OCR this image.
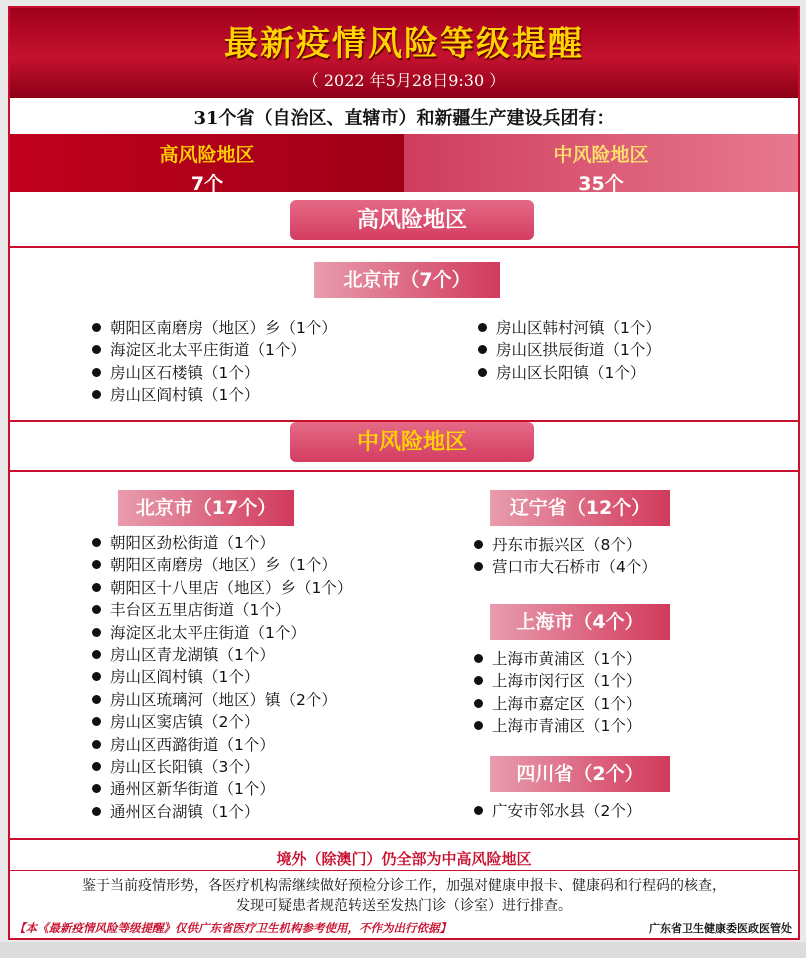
最新疫情风险等级提醒
（ 2022 年5月28日9:30 ）
31个省（自治区、直辖市）和新疆生产建设兵团有：
高风险地区
7个
中风险地区
35个
高风险地区
北京市（7个）
朝阳区南磨房（地区）乡（1个）
海淀区北太平庄街道（1个）
房山区石楼镇（1个）
房山区阎村镇（1个）
房山区韩村河镇（1个）
房山区拱辰街道（1个）
房山区长阳镇（1个）
中风险地区
北京市（17个）
朝阳区劲松街道（1个）
朝阳区南磨房（地区）乡（1个）
朝阳区十八里店（地区）乡（1个）
丰台区五里店街道（1个）
海淀区北太平庄街道（1个）
房山区青龙湖镇（1个）
房山区阎村镇（1个）
房山区琉璃河（地区）镇（2个）
房山区窦店镇（2个）
房山区西潞街道（1个）
房山区长阳镇（3个）
通州区新华街道（1个）
通州区台湖镇（1个）
辽宁省（12个）
丹东市振兴区（8个）
营口市大石桥市（4个）
上海市（4个）
上海市黄浦区（1个）
上海市闵行区（1个）
上海市嘉定区（1个）
上海市青浦区（1个）
四川省（2个）
广安市邻水县（2个）
境外（除澳门）仍全部为中高风险地区
鉴于当前疫情形势，各医疗机构需继续做好预检分诊工作，加强对健康申报卡、健康码和行程码的核查，
发现可疑患者规范转送至发热门诊（诊室）进行排查。
【本《最新疫情风险等级提醒》仅供广东省医疗卫生机构参考使用，不作为出行依据】	广东省卫生健康委医政医管处
